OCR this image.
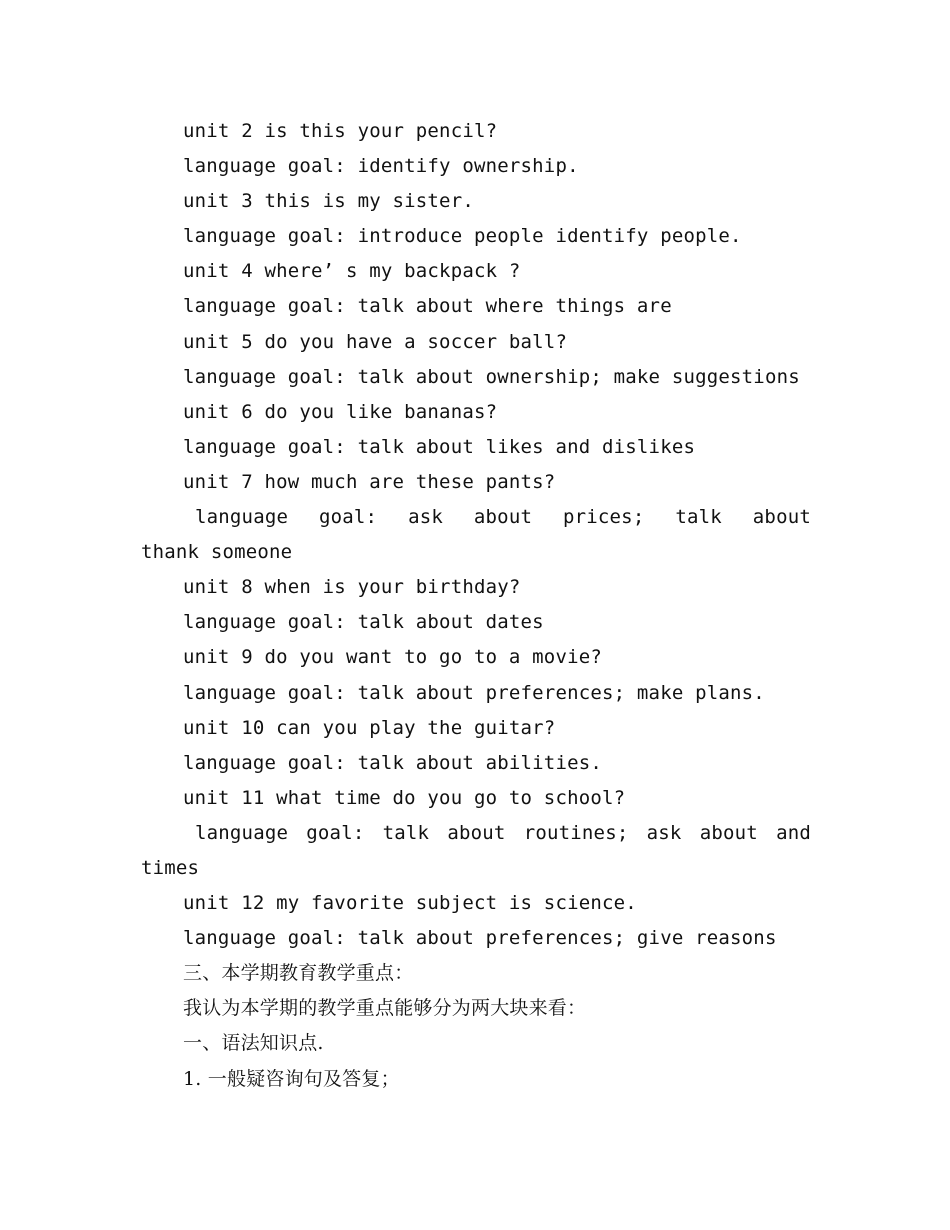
unit 2 is this your pencil?
language goal: identify ownership.
unit 3 this is my sister.
language goal: introduce people identify people.
unit 4 where’ s my backpack ?
language goal: talk about where things are
unit 5 do you have a soccer ball?
language goal: talk about ownership; make suggestions
unit 6 do you like bananas?
language goal: talk about likes and dislikes
unit 7 how much are these pants?
language goal: ask about prices; talk about
thank someone
unit 8 when is your birthday?
language goal: talk about dates
unit 9 do you want to go to a movie?
language goal: talk about preferences; make plans.
unit 10 can you play the guitar?
language goal: talk about abilities.
unit 11 what time do you go to school?
language goal: talk about routines; ask about and
times
unit 12 my favorite subject is science.
language goal: talk about preferences; give reasons
三、本学期教育教学重点：
我认为本学期的教学重点能够分为两大块来看：
一、语法知识点.
1. 一般疑咨询句及答复；
